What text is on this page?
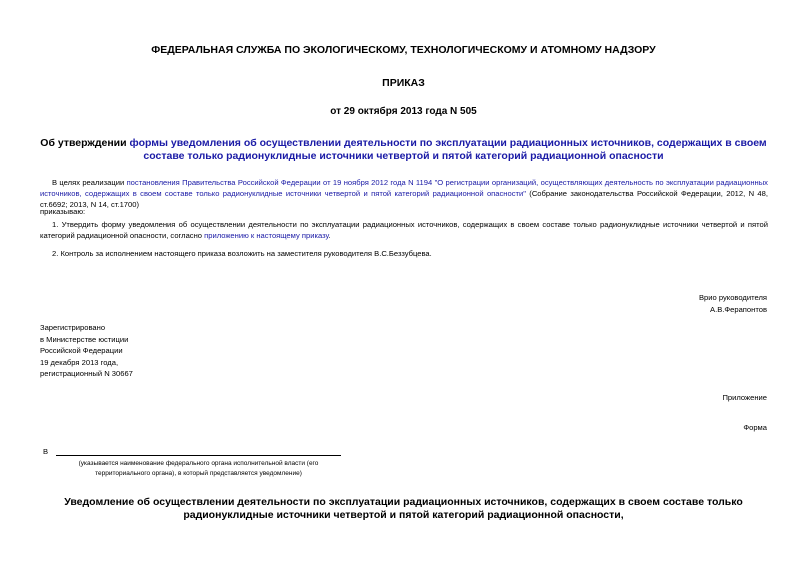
ФЕДЕРАЛЬНАЯ СЛУЖБА ПО ЭКОЛОГИЧЕСКОМУ, ТЕХНОЛОГИЧЕСКОМУ И АТОМНОМУ НАДЗОРУ
ПРИКАЗ
от 29 октября 2013 года N 505
Об утверждении формы уведомления об осуществлении деятельности по эксплуатации радиационных источников, содержащих в своем составе только радионуклидные источники четвертой и пятой категорий радиационной опасности
В целях реализации постановления Правительства Российской Федерации от 19 ноября 2012 года N 1194 "О регистрации организаций, осуществляющих деятельность по эксплуатации радиационных источников, содержащих в своем составе только радионуклидные источники четвертой и пятой категорий радиационной опасности" (Собрание законодательства Российской Федерации, 2012, N 48, ст.6692; 2013, N 14, ст.1700)
приказываю:
1. Утвердить форму уведомления об осуществлении деятельности по эксплуатации радиационных источников, содержащих в своем составе только радионуклидные источники четвертой и пятой категорий радиационной опасности, согласно приложению к настоящему приказу.
2. Контроль за исполнением настоящего приказа возложить на заместителя руководителя В.С.Беззубцева.
Врио руководителя
А.В.Ферапонтов
Зарегистрировано
в Министерстве юстиции
Российской Федерации
19 декабря 2013 года,
регистрационный N 30667
Приложение
Форма
В
(указывается наименование федерального органа исполнительной власти (его территориального органа), в который представляется уведомление)
Уведомление об осуществлении деятельности по эксплуатации радиационных источников, содержащих в своем составе только радионуклидные источники четвертой и пятой категорий радиационной опасности,
